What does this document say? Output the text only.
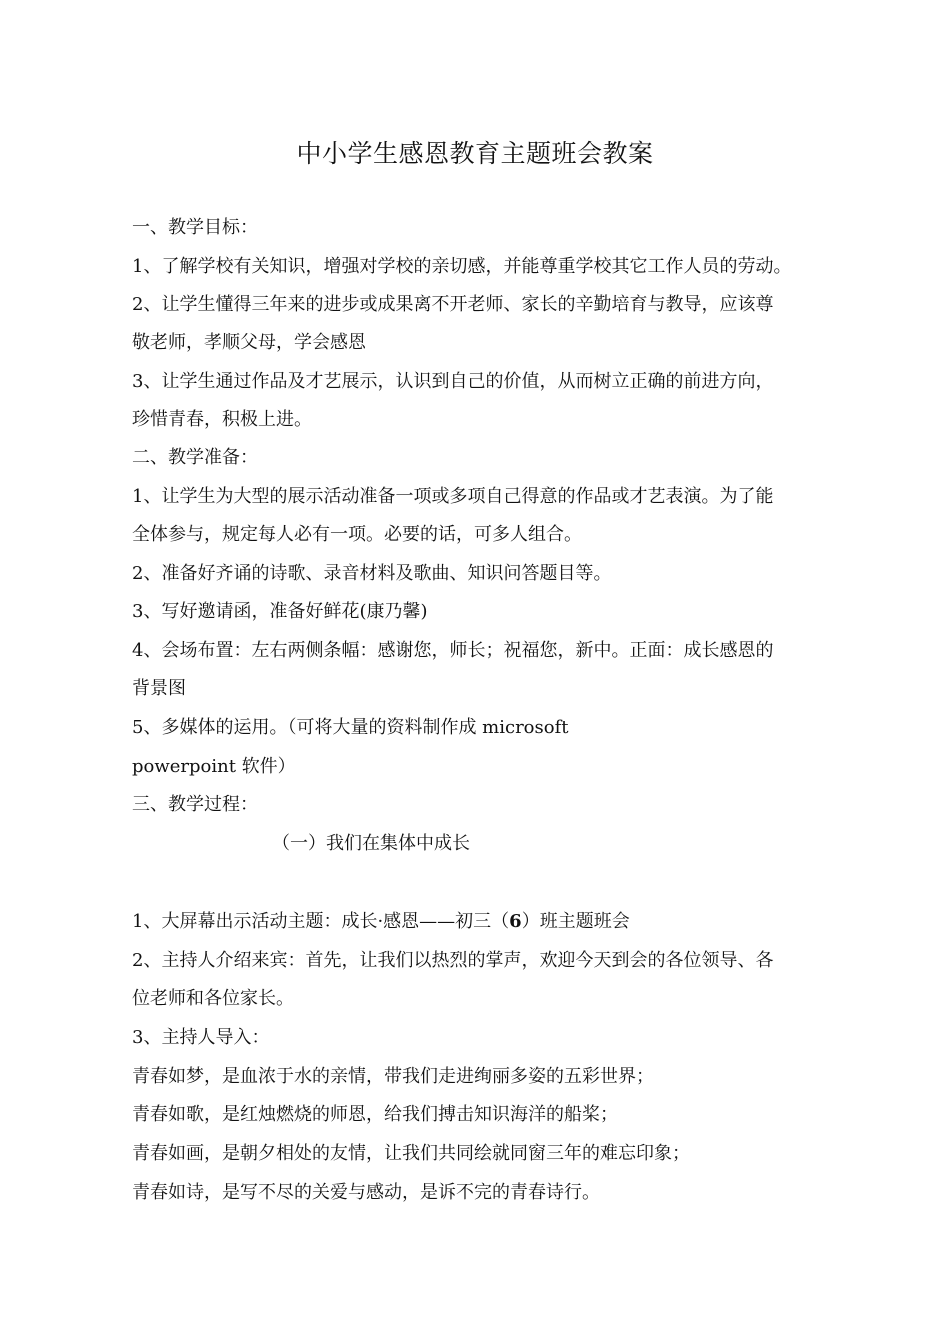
中小学生感恩教育主题班会教案
一、教学目标：
1、了解学校有关知识，增强对学校的亲切感，并能尊重学校其它工作人员的劳动。
2、让学生懂得三年来的进步或成果离不开老师、家长的辛勤培育与教导，应该尊
敬老师，孝顺父母，学会感恩
3、让学生通过作品及才艺展示，认识到自己的价值，从而树立正确的前进方向，
珍惜青春，积极上进。
二、教学准备：
1、让学生为大型的展示活动准备一项或多项自己得意的作品或才艺表演。为了能
全体参与，规定每人必有一项。必要的话，可多人组合。
2、准备好齐诵的诗歌、录音材料及歌曲、知识问答题目等。
3、写好邀请函，准备好鲜花(康乃馨)
4、会场布置：左右两侧条幅：感谢您，师长；祝福您，新中。正面：成长感恩的
背景图
5、多媒体的运用。（可将大量的资料制作成 microsoft
powerpoint 软件）
三、教学过程：
（一）我们在集体中成长
1、大屏幕出示活动主题：成长·感恩——初三（6）班主题班会
2、主持人介绍来宾：首先，让我们以热烈的掌声，欢迎今天到会的各位领导、各
位老师和各位家长。
3、主持人导入：
青春如梦，是血浓于水的亲情，带我们走进绚丽多姿的五彩世界；
青春如歌，是红烛燃烧的师恩，给我们搏击知识海洋的船桨；
青春如画，是朝夕相处的友情，让我们共同绘就同窗三年的难忘印象；
青春如诗，是写不尽的关爱与感动，是诉不完的青春诗行。
